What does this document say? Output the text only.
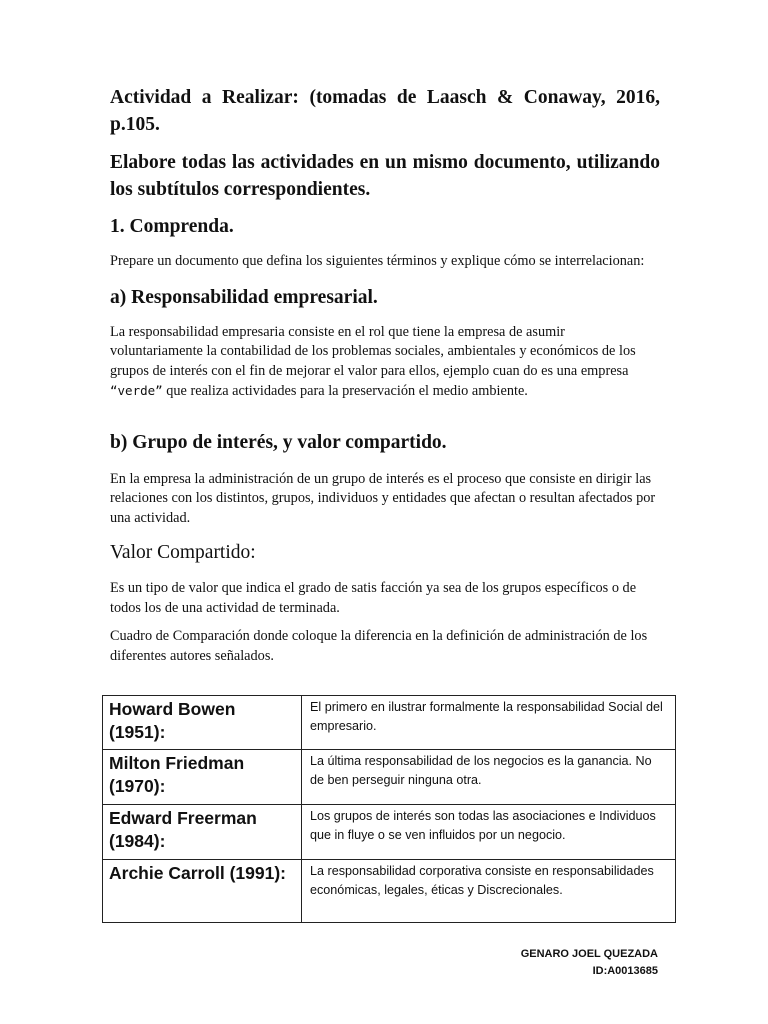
Actividad a Realizar: (tomadas de Laasch & Conaway, 2016, p.105.
Elabore todas las actividades en un mismo documento, utilizando los subtítulos correspondientes.
1. Comprenda.

Prepare un documento que defina los siguientes términos y explique cómo se interrelacionan:

a) Responsabilidad empresarial.

La responsabilidad empresaria consiste en el rol que tiene la empresa de asumir voluntariamente la contabilidad de los problemas sociales, ambientales y económicos de los grupos de interés con el fin de mejorar el valor para ellos, ejemplo cuan do es una empresa “verde” que realiza actividades para la preservación el medio ambiente.

b) Grupo de interés, y valor compartido.

En la empresa la administración de un grupo de interés es el proceso que consiste en dirigir las relaciones con los distintos, grupos, individuos y entidades que afectan o resultan afectados por una actividad.

Valor Compartido:

Es un tipo de valor que indica el grado de satis facción ya sea de los grupos específicos o de todos los de una actividad de terminada.

Cuadro de Comparación donde coloque la diferencia en la definición de administración de los diferentes autores señalados.

Howard Bowen (1951):	El primero en ilustrar formalmente la responsabilidad Social del empresario.
Milton Friedman (1970):	La última responsabilidad de los negocios es la ganancia. No de ben perseguir ninguna otra.
Edward Freerman (1984):	Los grupos de interés son todas las asociaciones e Individuos que in fluye o se ven influidos por un negocio.
Archie Carroll (1991):	La responsabilidad corporativa consiste en responsabilidades económicas, legales, éticas y Discrecionales.
GENARO JOEL QUEZADA
ID:A0013685
